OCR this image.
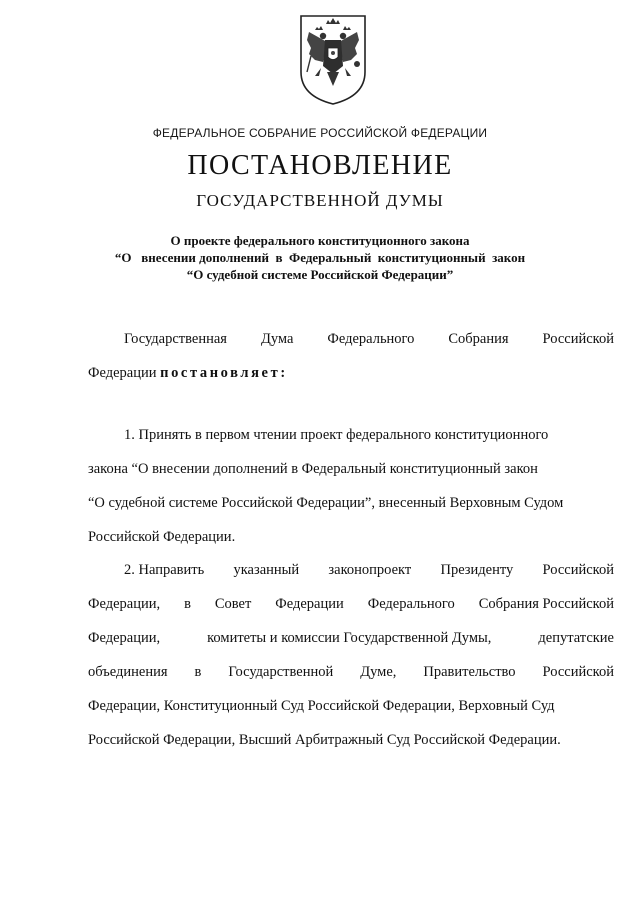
ФЕДЕРАЛЬНОЕ СОБРАНИЕ РОССИЙСКОЙ ФЕДЕРАЦИИ
ПОСТАНОВЛЕНИЕ
ГОСУДАРСТВЕННОЙ ДУМЫ
О проекте федерального конституционного закона
“О   внесении дополнений  в  Федеральный  конституционный  закон
“О судебной системе Российской Федерации”
Государственная Дума Федерального Собрания Российской
Федерации постановляет:
1. Принять в первом чтении проект федерального конституционного
закона “О внесении дополнений в Федеральный конституционный закон
“О судебной системе Российской Федерации”, внесенный Верховным Судом
Российской Федерации.
2. Направить указанный законопроект Президенту Российской
Федерации, в Совет Федерации Федерального Собрания Российской
Федерации,	комитеты и комиссии Государственной Думы,	депутатские
объединения в Государственной Думе, Правительство Российской
Федерации, Конституционный Суд Российской Федерации, Верховный Суд
Российской Федерации, Высший Арбитражный Суд Российской Федерации.
